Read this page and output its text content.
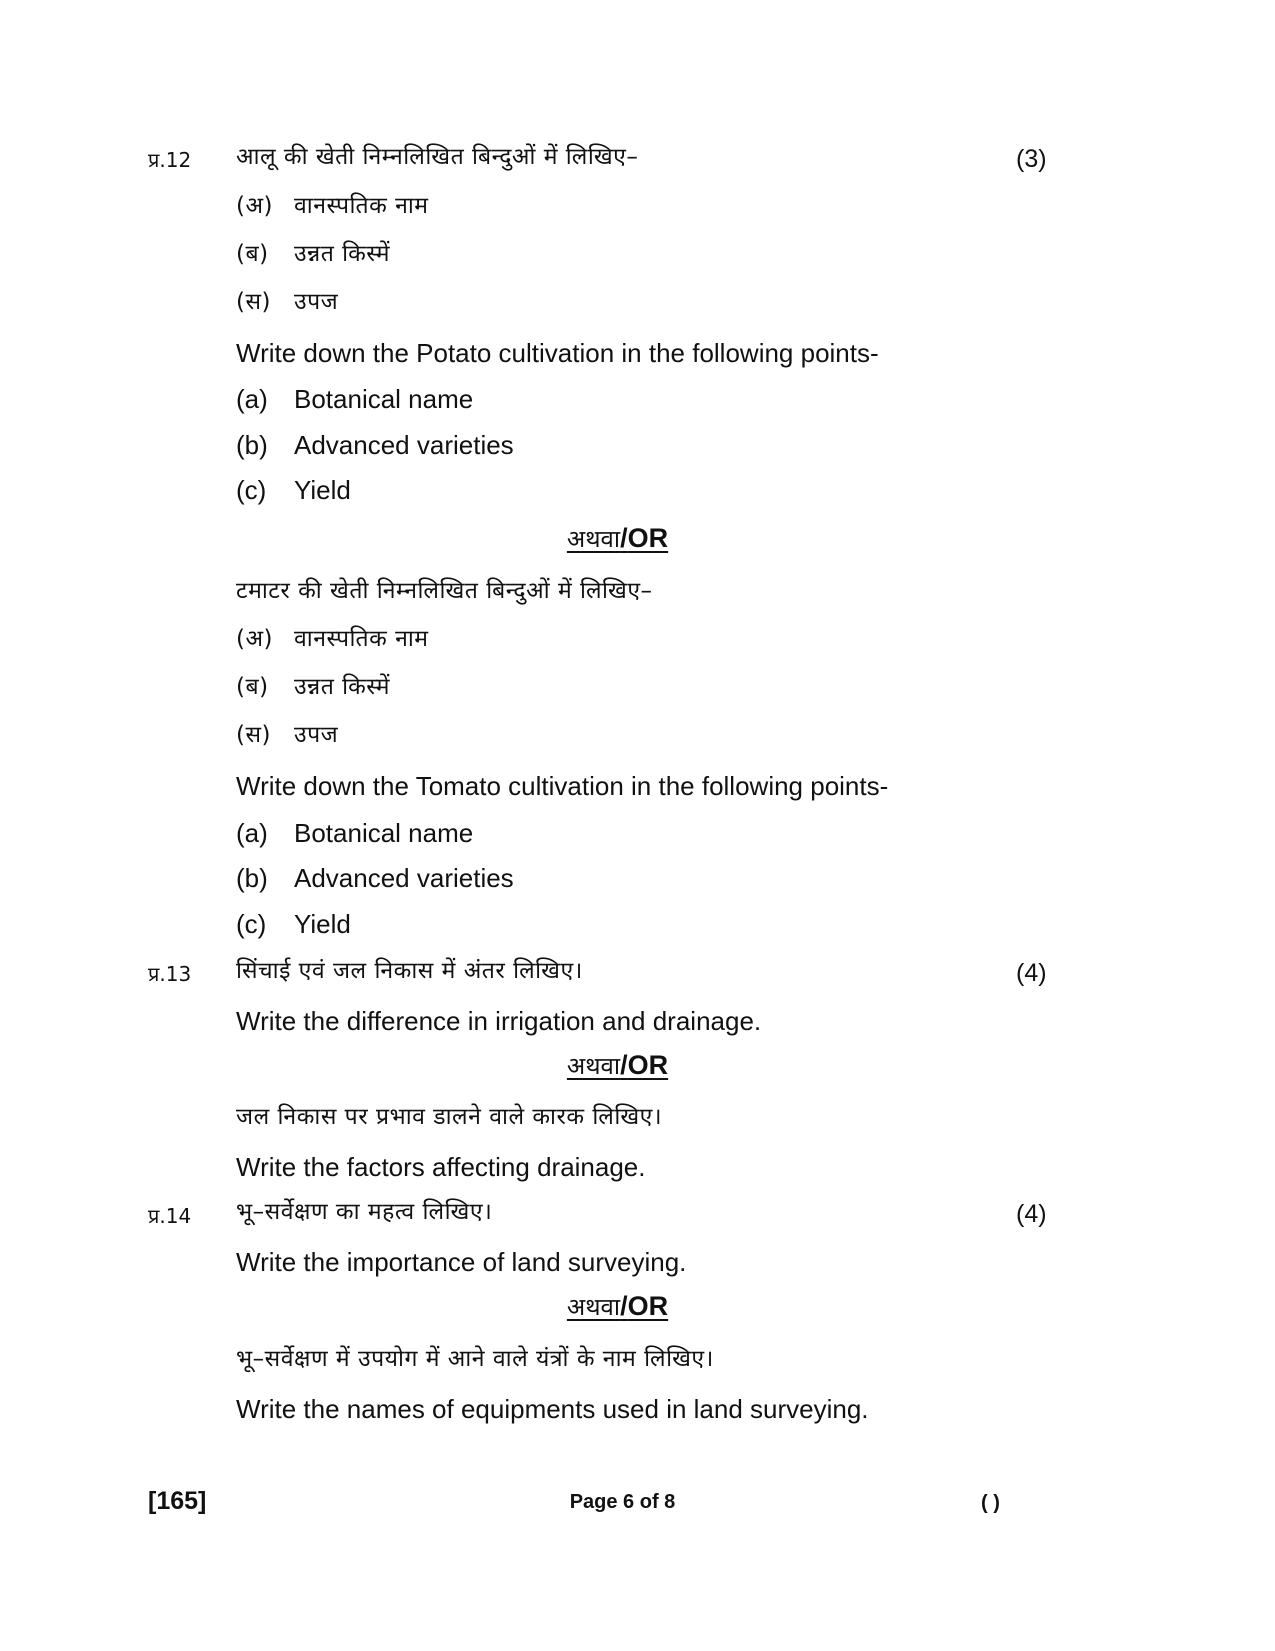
प्र.12	(3)
आलू की खेती निम्नलिखित बिन्दुओं में लिखिए–
(अ) वानस्पतिक नाम
(ब) उन्नत किस्में
(स) उपज
Write down the Potato cultivation in the following points-
(a) Botanical name
(b) Advanced varieties
(c) Yield
अथवा/OR
टमाटर की खेती निम्नलिखित बिन्दुओं में लिखिए–
(अ) वानस्पतिक नाम
(ब) उन्नत किस्में
(स) उपज
Write down the Tomato cultivation in the following points-
(a) Botanical name
(b) Advanced varieties
(c) Yield
प्र.13	(4)
सिंचाई एवं जल निकास में अंतर लिखिए।
Write the difference in irrigation and drainage.
अथवा/OR
जल निकास पर प्रभाव डालने वाले कारक लिखिए।
Write the factors affecting drainage.
प्र.14	(4)
भू–सर्वेक्षण का महत्व लिखिए।
Write the importance of land surveying.
अथवा/OR
भू–सर्वेक्षण में उपयोग में आने वाले यंत्रों के नाम लिखिए।
Write the names of equipments used in land surveying.
[165]	Page 6 of 8	( )
